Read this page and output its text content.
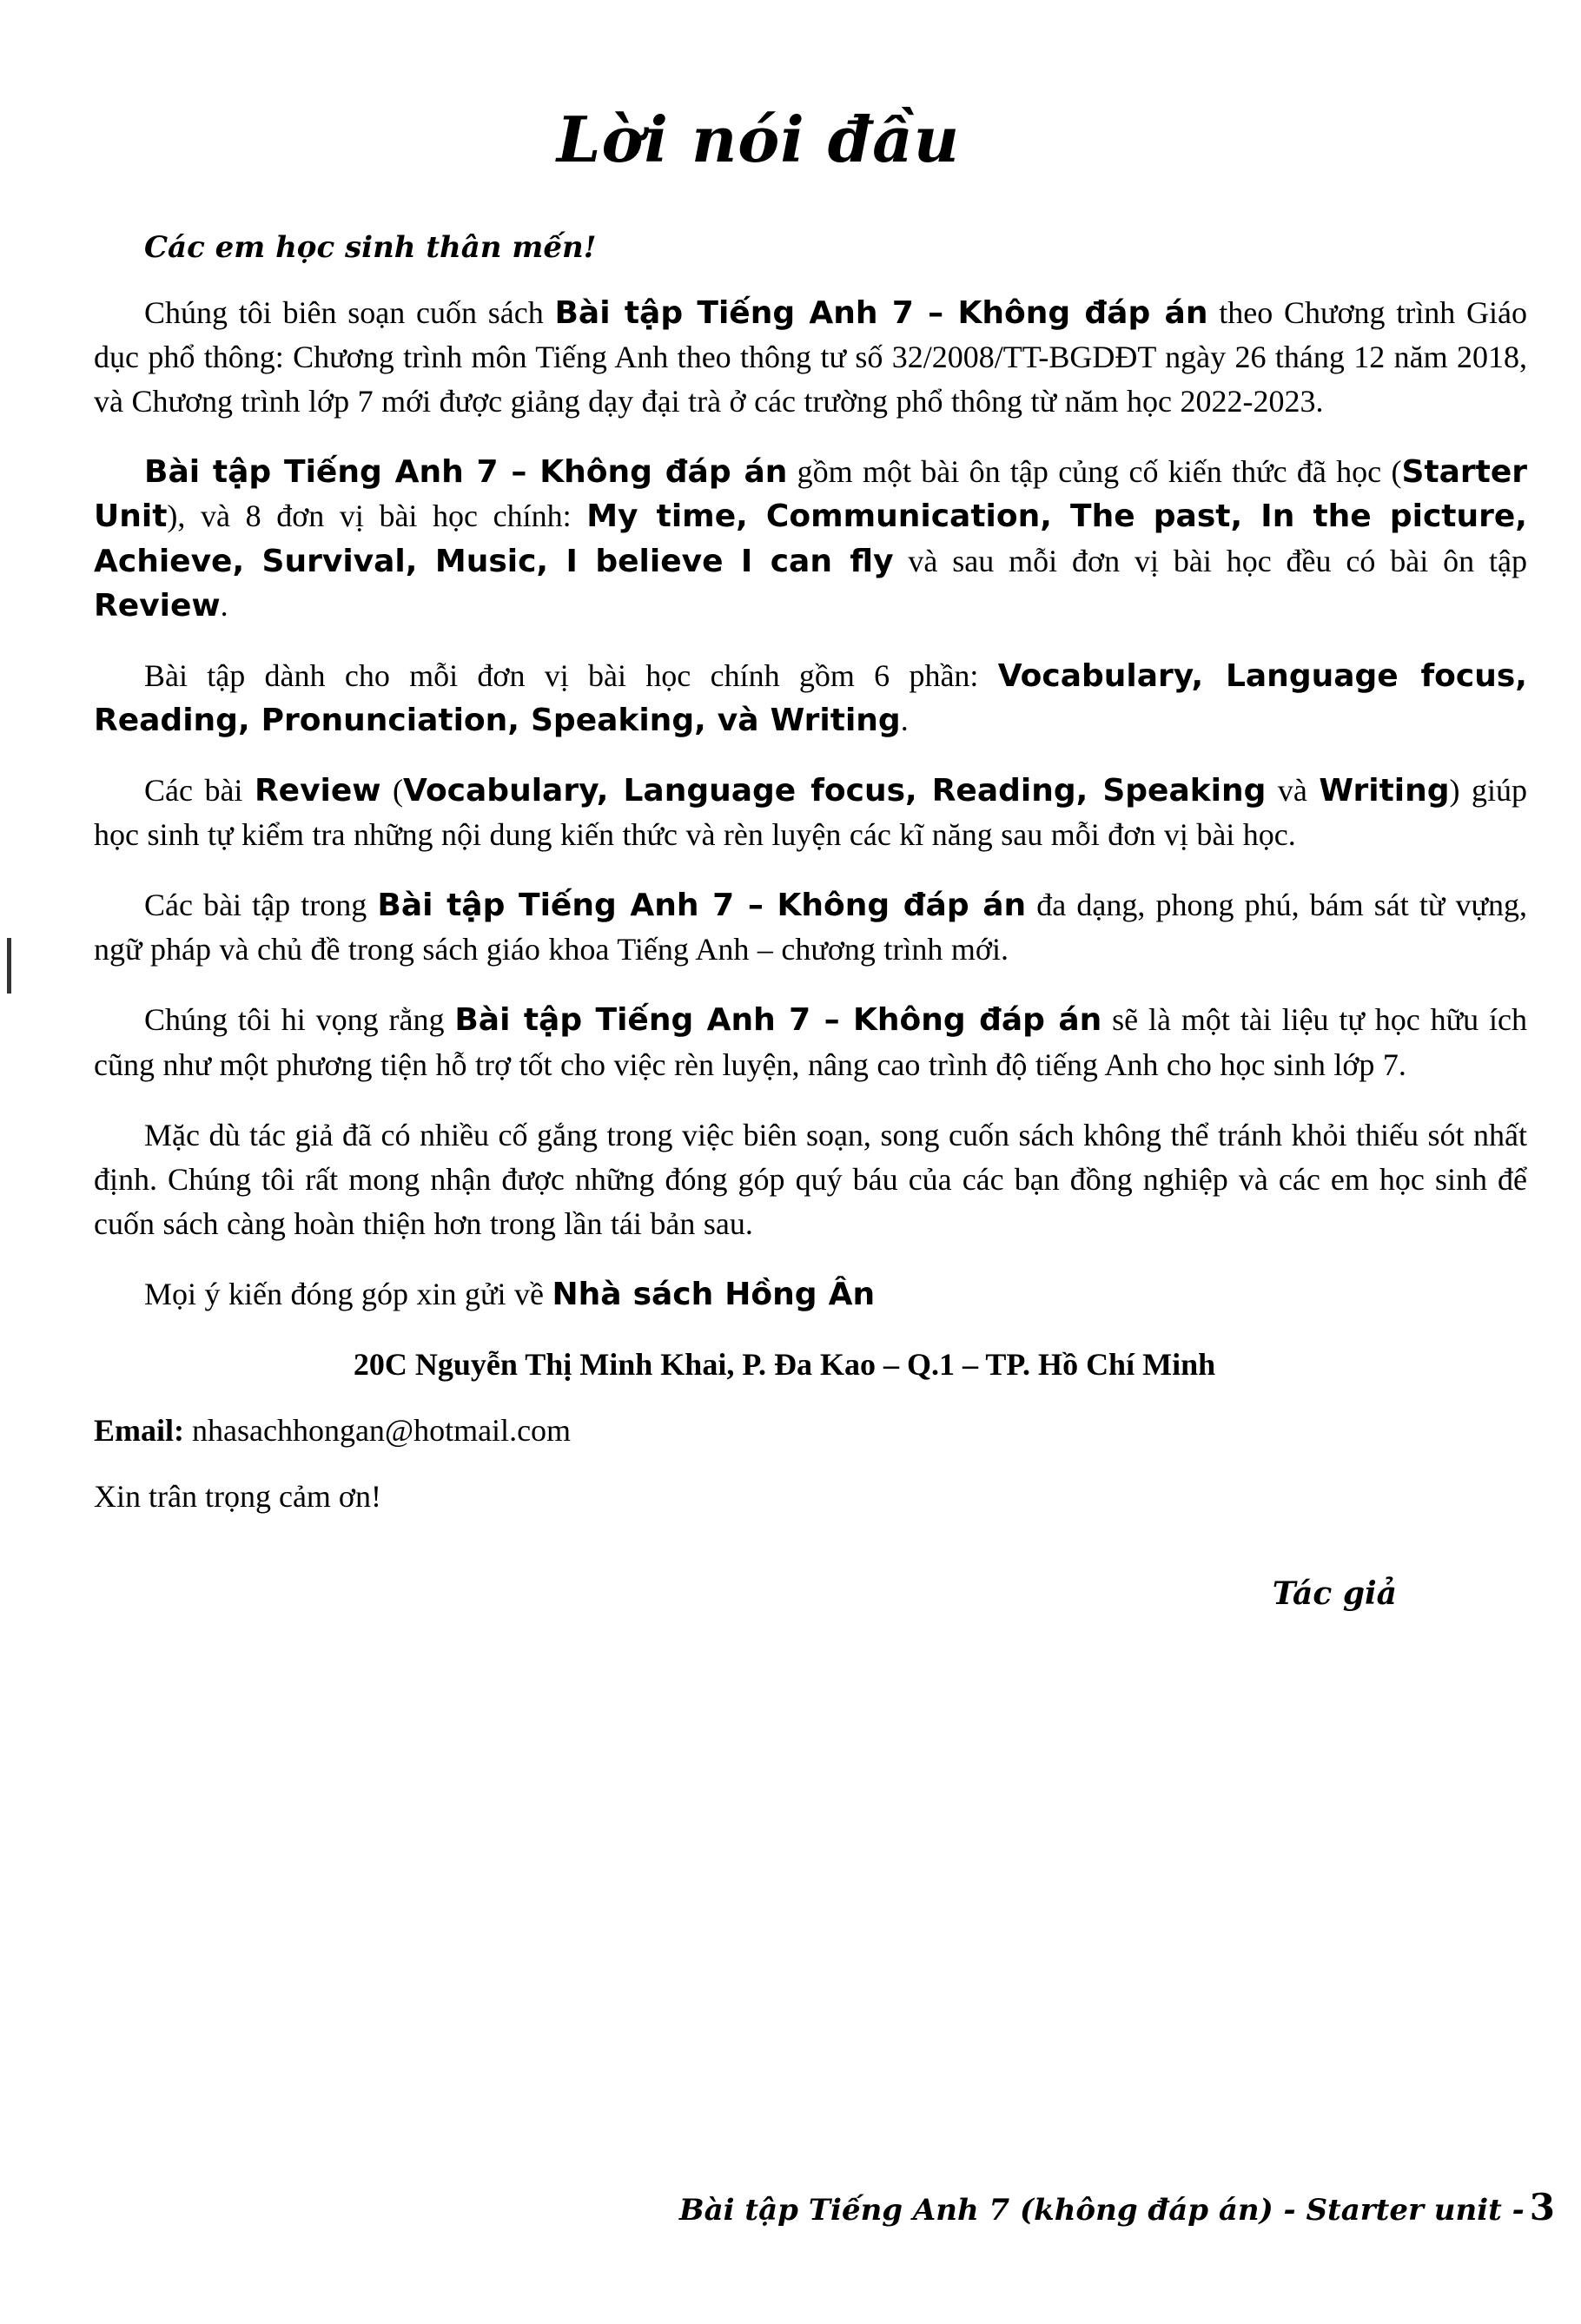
Lời nói đầu
Các em học sinh thân mến!

Chúng tôi biên soạn cuốn sách Bài tập Tiếng Anh 7 – Không đáp án theo Chương trình Giáo dục phổ thông: Chương trình môn Tiếng Anh theo thông tư số 32/2008/TT-BGDĐT ngày 26 tháng 12 năm 2018, và Chương trình lớp 7 mới được giảng dạy đại trà ở các trường phổ thông từ năm học 2022-2023.

Bài tập Tiếng Anh 7 – Không đáp án gồm một bài ôn tập củng cố kiến thức đã học (Starter Unit), và 8 đơn vị bài học chính: My time, Communication, The past, In the picture, Achieve, Survival, Music, I believe I can fly và sau mỗi đơn vị bài học đều có bài ôn tập Review.

Bài tập dành cho mỗi đơn vị bài học chính gồm 6 phần: Vocabulary, Language focus, Reading, Pronunciation, Speaking, và Writing.

Các bài Review (Vocabulary, Language focus, Reading, Speaking và Writing) giúp học sinh tự kiểm tra những nội dung kiến thức và rèn luyện các kĩ năng sau mỗi đơn vị bài học.

Các bài tập trong Bài tập Tiếng Anh 7 – Không đáp án đa dạng, phong phú, bám sát từ vựng, ngữ pháp và chủ đề trong sách giáo khoa Tiếng Anh – chương trình mới.

Chúng tôi hi vọng rằng Bài tập Tiếng Anh 7 – Không đáp án sẽ là một tài liệu tự học hữu ích cũng như một phương tiện hỗ trợ tốt cho việc rèn luyện, nâng cao trình độ tiếng Anh cho học sinh lớp 7.

Mặc dù tác giả đã có nhiều cố gắng trong việc biên soạn, song cuốn sách không thể tránh khỏi thiếu sót nhất định. Chúng tôi rất mong nhận được những đóng góp quý báu của các bạn đồng nghiệp và các em học sinh để cuốn sách càng hoàn thiện hơn trong lần tái bản sau.

Mọi ý kiến đóng góp xin gửi về Nhà sách Hồng Ân

20C Nguyễn Thị Minh Khai, P. Đa Kao – Q.1 – TP. Hồ Chí Minh
Email: nhasachhongan@hotmail.com
Xin trân trọng cảm ơn!
Tác giả
Bài tập Tiếng Anh 7 (không đáp án) - Starter unit - 3
